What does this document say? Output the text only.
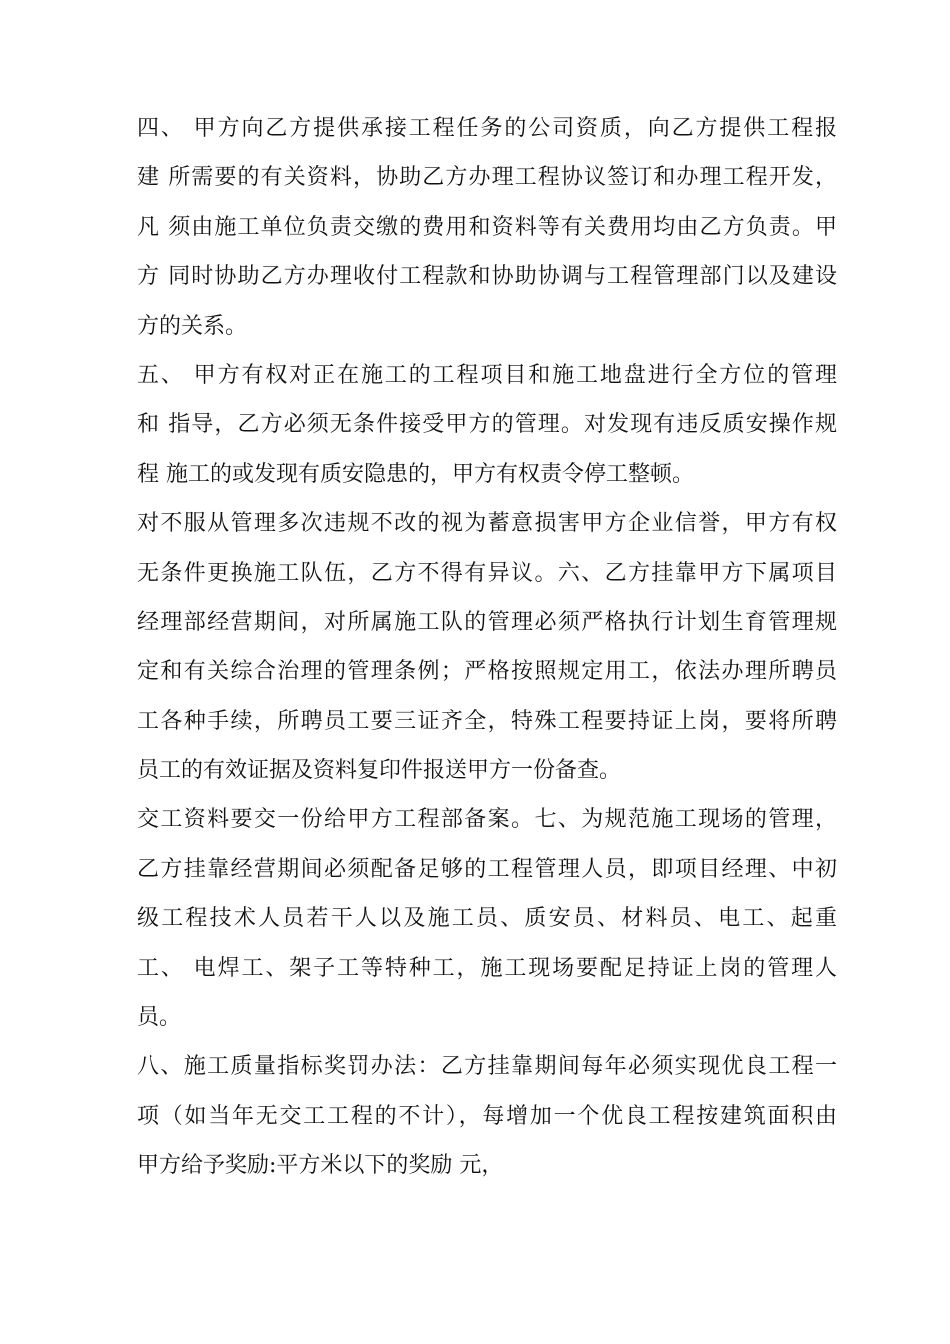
四、 甲方向乙方提供承接工程任务的公司资质，向乙方提供工程报
建 所需要的有关资料，协助乙方办理工程协议签订和办理工程开发，
凡 须由施工单位负责交缴的费用和资料等有关费用均由乙方负责。甲
方 同时协助乙方办理收付工程款和协助协调与工程管理部门以及建设
方的关系。
五、 甲方有权对正在施工的工程项目和施工地盘进行全方位的管理
和 指导，乙方必须无条件接受甲方的管理。对发现有违反质安操作规
程 施工的或发现有质安隐患的，甲方有权责令停工整顿。
对不服从管理多次违规不改的视为蓄意损害甲方企业信誉，甲方有权
无条件更换施工队伍，乙方不得有异议。六、乙方挂靠甲方下属项目
经理部经营期间，对所属施工队的管理必须严格执行计划生育管理规
定和有关综合治理的管理条例；严格按照规定用工，依法办理所聘员
工各种手续，所聘员工要三证齐全，特殊工程要持证上岗，要将所聘
员工的有效证据及资料复印件报送甲方一份备查。
交工资料要交一份给甲方工程部备案。七、为规范施工现场的管理，
乙方挂靠经营期间必须配备足够的工程管理人员，即项目经理、中初
级工程技术人员若干人以及施工员、质安员、材料员、电工、起重
工、 电焊工、架子工等特种工，施工现场要配足持证上岗的管理人
员。
八、施工质量指标奖罚办法：乙方挂靠期间每年必须实现优良工程一
项（如当年无交工工程的不计），每增加一个优良工程按建筑面积由
甲方给予奖励:平方米以下的奖励 元，
